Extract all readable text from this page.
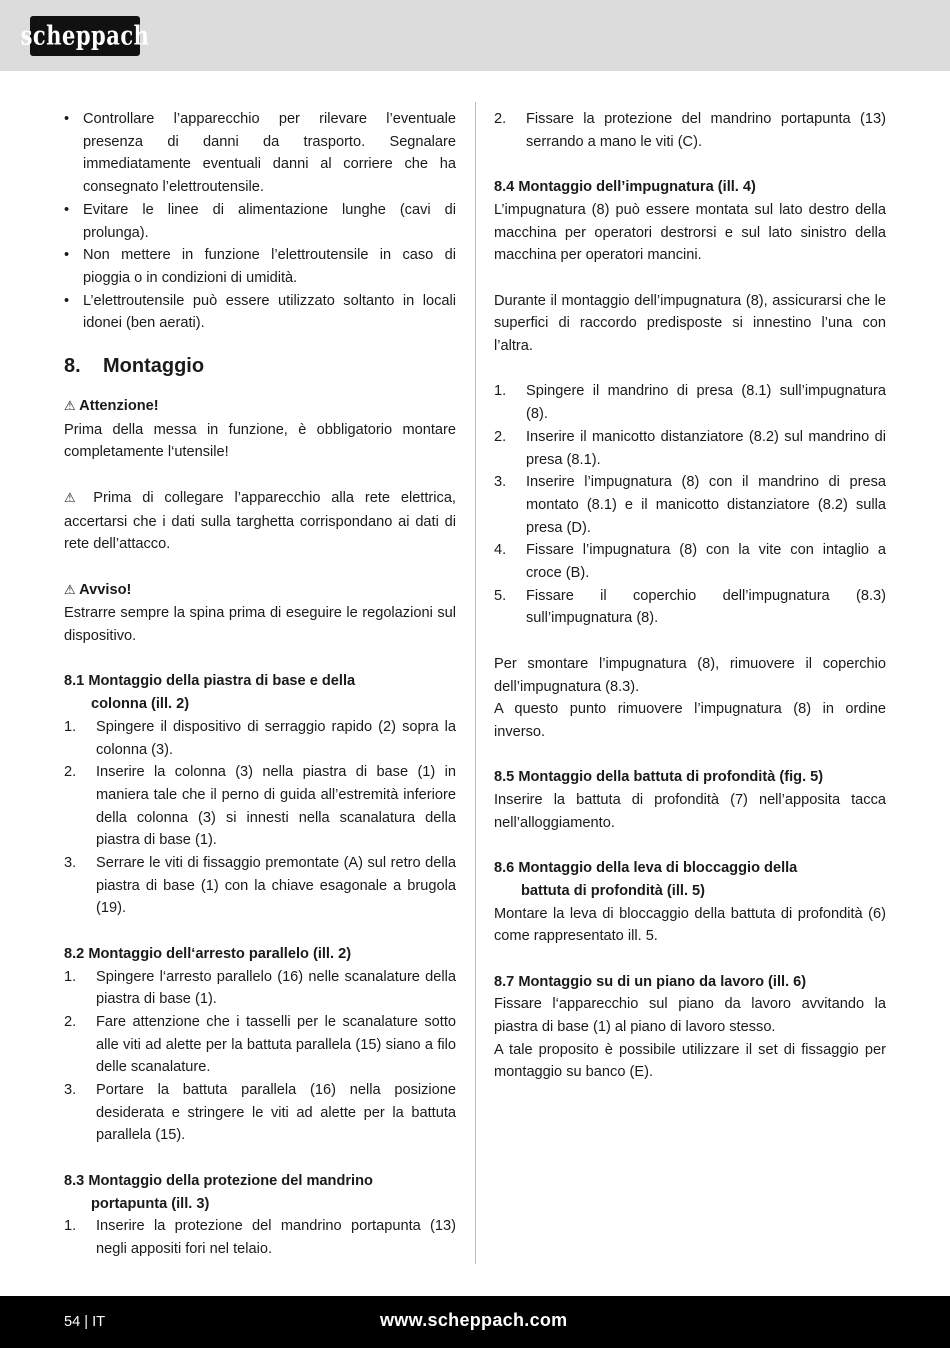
scheppach
• Controllare l’apparecchio per rilevare l’eventuale presenza di danni da trasporto. Segnalare immediatamente eventuali danni al corriere che ha consegnato l’elettroutensile.
• Evitare le linee di alimentazione lunghe (cavi di prolunga).
• Non mettere in funzione l’elettroutensile in caso di pioggia o in condizioni di umidità.
• L’elettroutensile può essere utilizzato soltanto in locali idonei (ben aerati).
8. Montaggio

⚠ Attenzione!

Prima della messa in funzione, è obbligatorio montare completamente l‘utensile!

⚠ Prima di collegare l’apparecchio alla rete elettrica, accertarsi che i dati sulla targhetta corrispondano ai dati di rete dell’attacco.

⚠ Avviso!

Estrarre sempre la spina prima di eseguire le regolazioni sul dispositivo.

8.1 Montaggio della piastra di base e della
colonna (ill. 2)

1. Spingere il dispositivo di serraggio rapido (2) sopra la colonna (3).
2. Inserire la colonna (3) nella piastra di base (1) in maniera tale che il perno di guida all’estremità inferiore della colonna (3) si innesti nella scanalatura della piastra di base (1).
3. Serrare le viti di fissaggio premontate (A) sul retro della piastra di base (1) con la chiave esagonale a brugola (19).

8.2 Montaggio dell‘arresto parallelo (ill. 2)

1. Spingere l‘arresto parallelo (16) nelle scanalature della piastra di base (1).
2. Fare attenzione che i tasselli per le scanalature sotto alle viti ad alette per la battuta parallela (15) siano a filo delle scanalature.
3. Portare la battuta parallela (16) nella posizione desiderata e stringere le viti ad alette per la battuta parallela (15).

8.3 Montaggio della protezione del mandrino
portapunta (ill. 3)

1. Inserire la protezione del mandrino portapunta (13) negli appositi fori nel telaio.
2. Fissare la protezione del mandrino portapunta (13) serrando a mano le viti (C).

8.4 Montaggio dell’impugnatura (ill. 4)

L’impugnatura (8) può essere montata sul lato destro della macchina per operatori destrorsi e sul lato sinistro della macchina per operatori mancini.

Durante il montaggio dell’impugnatura (8), assicurarsi che le superfici di raccordo predisposte si innestino l’una con l’altra.

1. Spingere il mandrino di presa (8.1) sull’impugnatura (8).
2. Inserire il manicotto distanziatore (8.2) sul mandrino di presa (8.1).
3. Inserire l’impugnatura (8) con il mandrino di presa montato (8.1) e il manicotto distanziatore (8.2) sulla presa (D).
4. Fissare l’impugnatura (8) con la vite con intaglio a croce (B).
5. Fissare il coperchio dell’impugnatura (8.3) sull’impugnatura (8).

Per smontare l’impugnatura (8), rimuovere il coperchio dell’impugnatura (8.3).

A questo punto rimuovere l’impugnatura (8) in ordine inverso.

8.5 Montaggio della battuta di profondità (fig. 5)

Inserire la battuta di profondità (7) nell’apposita tacca nell’alloggiamento.

8.6 Montaggio della leva di bloccaggio della
battuta di profondità (ill. 5)

Montare la leva di bloccaggio della battuta di profondità (6) come rappresentato ill. 5.

8.7 Montaggio su di un piano da lavoro (ill. 6)

Fissare l‘apparecchio sul piano da lavoro avvitando la piastra di base (1) al piano di lavoro stesso.

A tale proposito è possibile utilizzare il set di fissaggio per montaggio su banco (E).

54 | IT	www.scheppach.com
